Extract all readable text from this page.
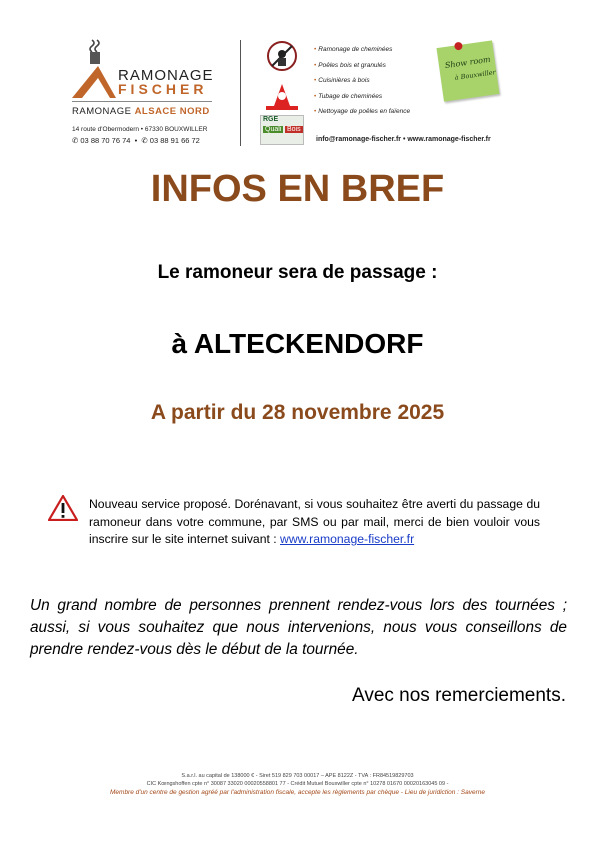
RAMONAGE
FISCHER
RAMONAGE ALSACE NORD
14 route d'Obermodern • 67330 BOUXWILLER
✆ 03 88 70 76 74  •  ✆ 03 88 91 66 72
RGE
Quali Bois
• Ramonage de cheminées
• Poêles bois et granulés
• Cuisinières à bois
• Tubage de cheminées
• Nettoyage de poêles en faïence
Show room
à Bouxwiller
info@ramonage-fischer.fr • www.ramonage-fischer.fr
INFOS EN BREF
Le ramoneur sera de passage :
à ALTECKENDORF
A partir du 28 novembre 2025
Nouveau service proposé. Dorénavant, si vous souhaitez être averti du passage du ramoneur dans votre commune, par SMS ou par mail, merci de bien vouloir vous inscrire sur le site internet suivant : www.ramonage-fischer.fr
Un grand nombre de personnes prennent rendez-vous lors des tournées ; aussi, si vous souhaitez que nous intervenions, nous vous conseillons de prendre rendez-vous dès le début de la tournée.
Avec nos remerciements.
S.a.r.l. au capital de 138000 € - Siret 519 829 703 00017 – APE 8122Z - TVA : FR84519829703
CIC Kœngshoffen cpte n° 30087 33020 00020558801 77 - Crédit Mutuel Bouxwiller cpte n° 10278 01670 00020163045 09 -
Membre d'un centre de gestion agréé par l'administration fiscale, accepte les règlements par chèque - Lieu de juridiction : Saverne
